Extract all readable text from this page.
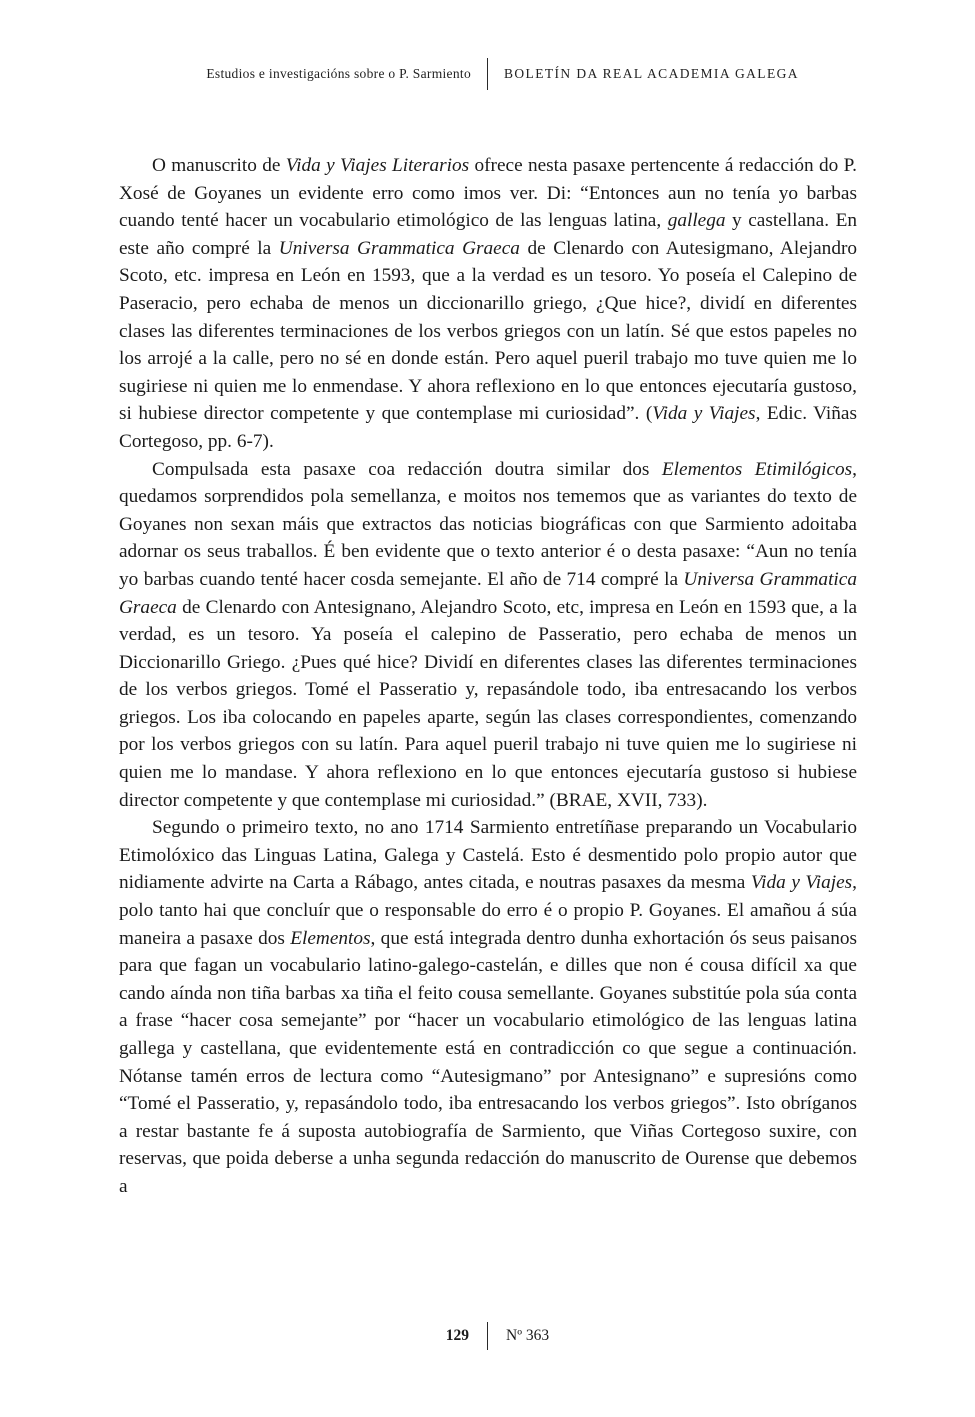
Estudios e investigacións sobre o P. Sarmiento	BOLETÍN DA REAL ACADEMIA GALEGA

O manuscrito de Vida y Viajes Literarios ofrece nesta pasaxe pertencente á redacción do P. Xosé de Goyanes un evidente erro como imos ver. Di: “Entonces aun no tenía yo barbas cuando tenté hacer un vocabulario etimológico de las lenguas latina, gallega y castellana. En este año compré la Universa Grammatica Graeca de Clenardo con Autesigmano, Alejandro Scoto, etc. impresa en León en 1593, que a la verdad es un tesoro. Yo poseía el Calepino de Paseracio, pero echaba de menos un diccionarillo griego, ¿Que hice?, dividí en diferentes clases las diferentes terminaciones de los verbos griegos con un latín. Sé que estos papeles no los arrojé a la calle, pero no sé en donde están. Pero aquel pueril trabajo mo tuve quien me lo sugiriese ni quien me lo enmendase. Y ahora reflexiono en lo que entonces ejecutaría gustoso, si hubiese director competente y que contemplase mi curiosidad”. (Vida y Viajes, Edic. Viñas Cortegoso, pp. 6-7).

Compulsada esta pasaxe coa redacción doutra similar dos Elementos Etimilógicos, quedamos sorprendidos pola semellanza, e moitos nos tememos que as variantes do texto de Goyanes non sexan máis que extractos das noticias biográficas con que Sarmiento adoitaba adornar os seus traballos. É ben evidente que o texto anterior é o desta pasaxe: “Aun no tenía yo barbas cuando tenté hacer cosda semejante. El año de 714 compré la Universa Grammatica Graeca de Clenardo con Antesignano, Alejandro Scoto, etc, impresa en León en 1593 que, a la verdad, es un tesoro. Ya poseía el calepino de Passeratio, pero echaba de menos un Diccionarillo Griego. ¿Pues qué hice? Dividí en diferentes clases las diferentes terminaciones de los verbos griegos. Tomé el Passeratio y, repasándole todo, iba entresacando los verbos griegos. Los iba colocando en papeles aparte, según las clases correspondientes, comenzando por los verbos griegos con su latín. Para aquel pueril trabajo ni tuve quien me lo sugiriese ni quien me lo mandase. Y ahora reflexiono en lo que entonces ejecutaría gustoso si hubiese director competente y que contemplase mi curiosidad.” (BRAE, XVII, 733).

Segundo o primeiro texto, no ano 1714 Sarmiento entretíñase preparando un Vocabulario Etimolóxico das Linguas Latina, Galega y Castelá. Esto é desmentido polo propio autor que nidiamente advirte na Carta a Rábago, antes citada, e noutras pasaxes da mesma Vida y Viajes, polo tanto hai que concluír que o responsable do erro é o propio P. Goyanes. El amañou á súa maneira a pasaxe dos Elementos, que está integrada dentro dunha exhortación ós seus paisanos para que fagan un vocabulario latino-galego-castelán, e dilles que non é cousa difícil xa que cando aínda non tiña barbas xa tiña el feito cousa semellante. Goyanes substitúe pola súa conta a frase “hacer cosa semejante” por “hacer un vocabulario etimológico de las lenguas latina gallega y castellana, que evidentemente está en contradicción co que segue a continuación. Nótanse tamén erros de lectura como “Autesigmano” por Antesignano” e supresións como “Tomé el Passeratio, y, repasándolo todo, iba entresacando los verbos griegos”. Isto obríganos a restar bastante fe á suposta autobiografía de Sarmiento, que Viñas Cortegoso suxire, con reservas, que poida deberse a unha segunda redacción do manuscrito de Ourense que debemos a

129	Nº 363
